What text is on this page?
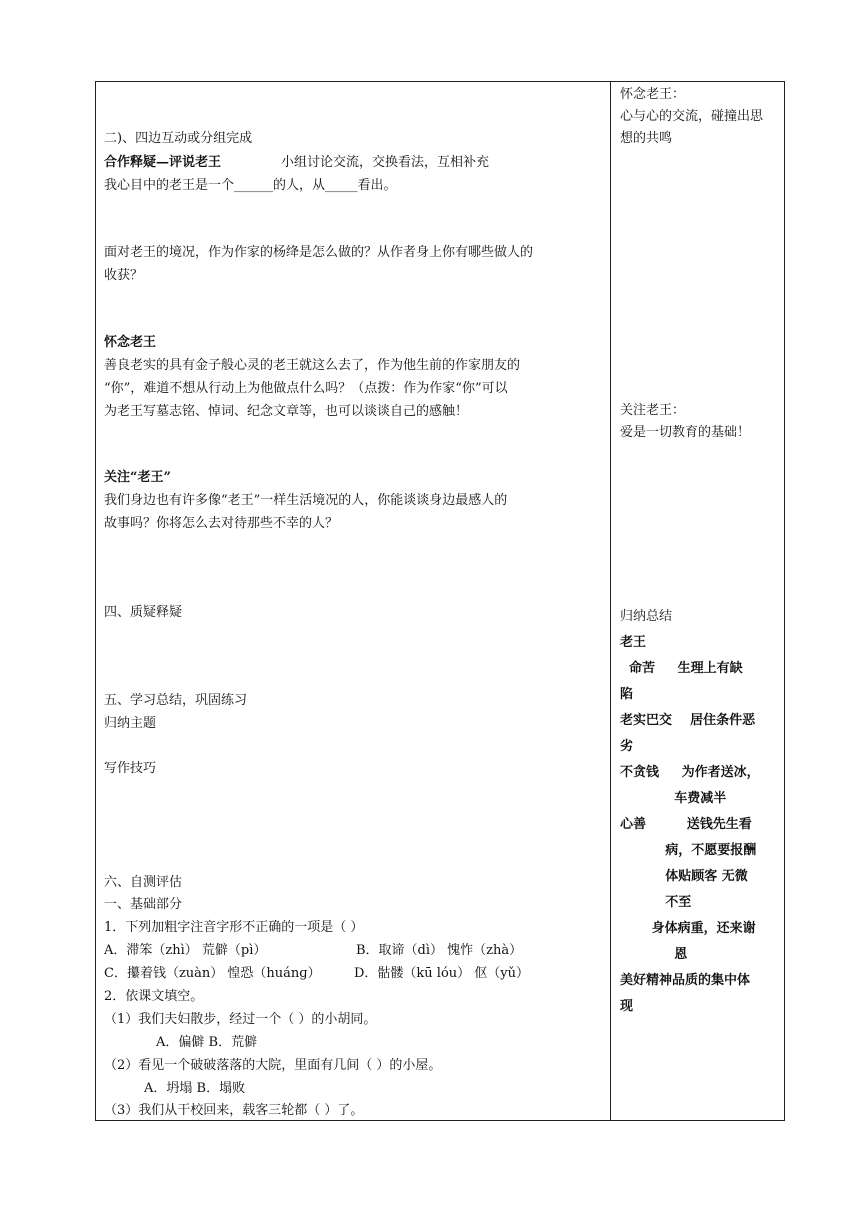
二)、四边互动或分组完成
合作释疑—评说老王	小组讨论交流，交换看法，互相补充
我心目中的老王是一个______的人，从_____看出。
面对老王的境况，作为作家的杨绛是怎么做的？从作者身上你有哪些做人的
收获？
怀念老王
善良老实的具有金子般心灵的老王就这么去了，作为他生前的作家朋友的
“你”，难道不想从行动上为他做点什么吗？（点拨：作为作家“你”可以
为老王写墓志铭、悼词、纪念文章等，也可以谈谈自己的感触！
关注“老王”
我们身边也有许多像“老王”一样生活境况的人，你能谈谈身边最感人的
故事吗？你将怎么去对待那些不幸的人？
四、质疑释疑
五、学习总结，巩固练习
归纳主题
写作技巧
六、自测评估
一、基础部分
1．下列加粗字注音字形不正确的一项是（ ）
A．滞笨（zhì） 荒僻（pì）	B．取谛（dì） 愧怍（zhà）
C．攥着钱（zuàn） 惶恐（huánɡ）	D．骷髅（kū lóu） 伛（yǔ）
2．依课文填空。
（1）我们夫妇散步，经过一个（ ）的小胡同。
A．偏僻 B．荒僻
（2）看见一个破破落落的大院，里面有几间（ ）的小屋。
A．坍塌 B．塌败
（3）我们从干校回来，载客三轮都（ ）了。
怀念老王：
心与心的交流，碰撞出思
想的共鸣
关注老王：
爱是一切教育的基础！
归纳总结
老王
命苦     生理上有缺
陷
老实巴交    居住条件恶
劣
不贪钱     为作者送冰，
车费减半
心善         送钱先生看
病，不愿要报酬
体贴顾客 无微
不至
身体病重，还来谢
恩
美好精神品质的集中体
现
